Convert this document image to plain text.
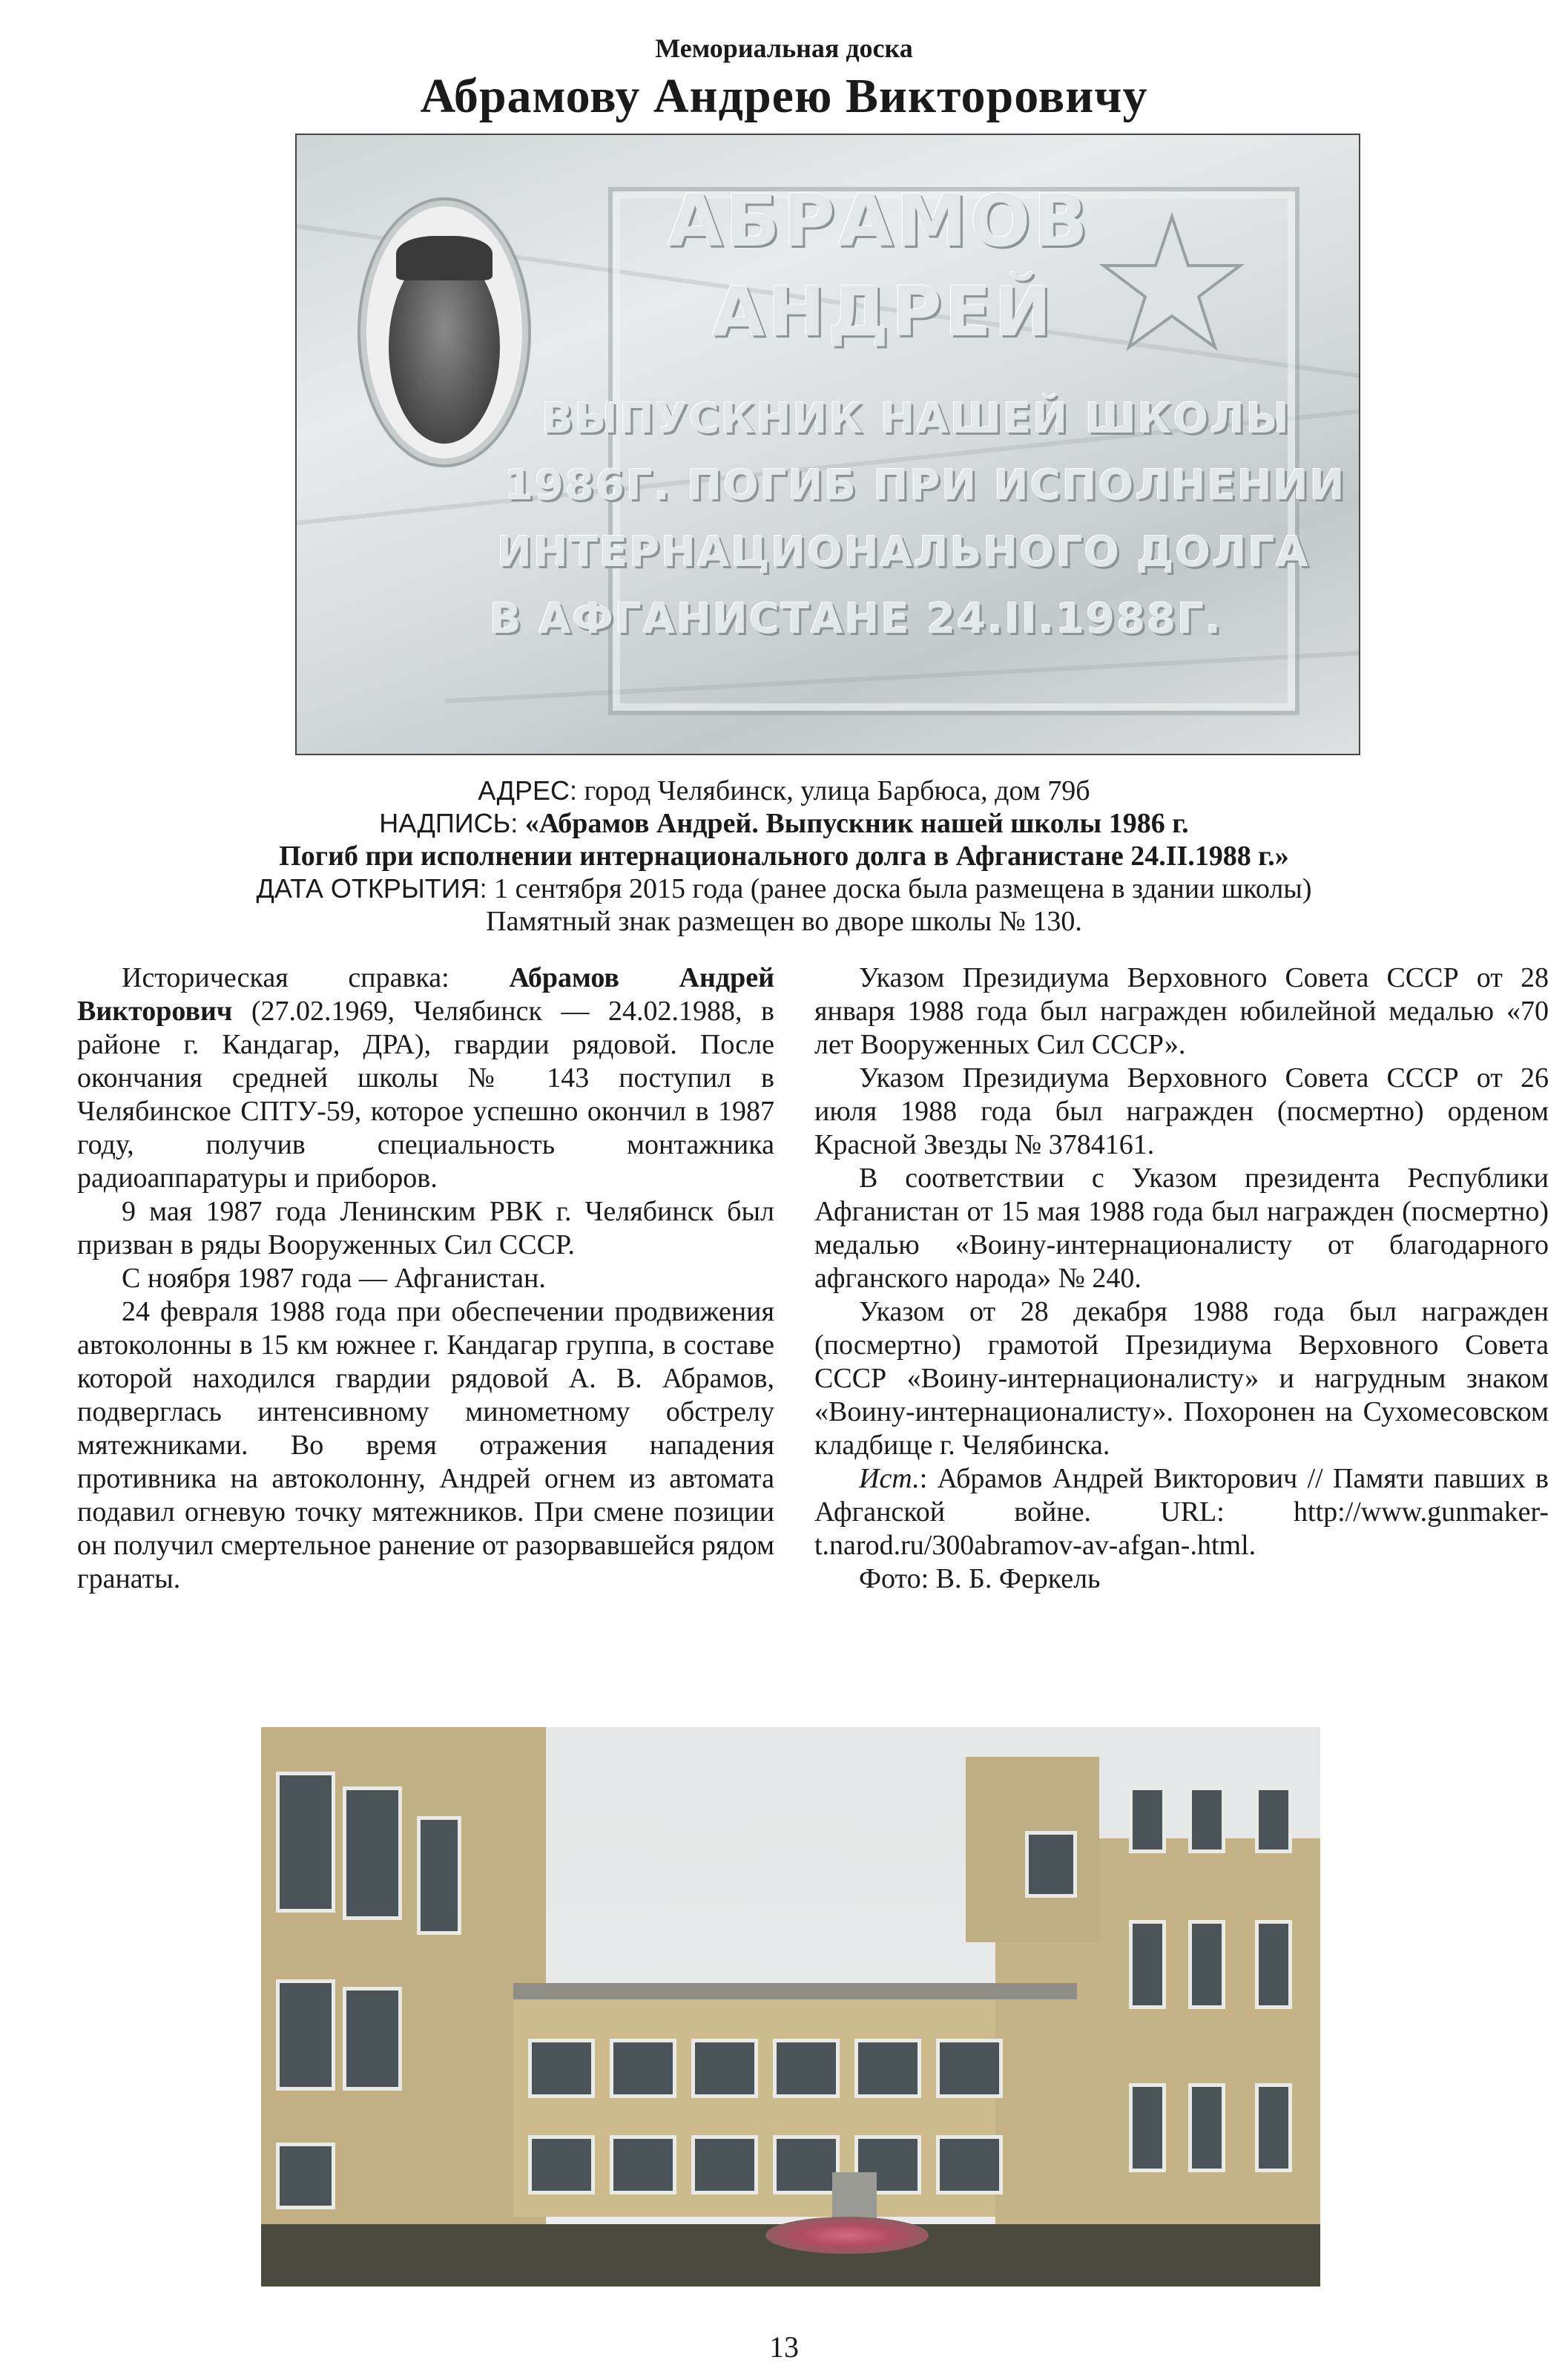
Мемориальная доска
Абрамову Андрею Викторовичу
АБРАМОВ
АНДРЕЙ
ВЫПУСКНИК НАШЕЙ ШКОЛЫ
1986Г. ПОГИБ ПРИ ИСПОЛНЕНИИ
ИНТЕРНАЦИОНАЛЬНОГО ДОЛГА
В АФГАНИСТАНЕ 24.II.1988Г.
АДРЕС: город Челябинск, улица Барбюса, дом 79б
НАДПИСЬ: «Абрамов Андрей. Выпускник нашей школы 1986 г.
Погиб при исполнении интернационального долга в Афганистане 24.II.1988 г.»
ДАТА ОТКРЫТИЯ: 1 сентября 2015 года (ранее доска была размещена в здании школы)
Памятный знак размещен во дворе школы № 130.

Историческая справка: Абрамов Андрей Викторович (27.02.1969, Челябинск — 24.02.1988, в районе г. Кандагар, ДРА), гвардии рядовой. После окончания средней школы № 143 поступил в Челябинское СПТУ-59, которое успешно окончил в 1987 году, получив специальность монтажника радиоаппаратуры и приборов.

9 мая 1987 года Ленинским РВК г. Челябинск был призван в ряды Вооруженных Сил СССР.

С ноября 1987 года — Афганистан.

24 февраля 1988 года при обеспечении продвижения автоколонны в 15 км южнее г. Кандагар группа, в составе которой находился гвардии рядовой А. В. Абрамов, подверглась интенсивному минометному обстрелу мятежниками. Во время отражения нападения противника на автоколонну, Андрей огнем из автомата подавил огневую точку мятежников. При смене позиции он получил смертельное ранение от разорвавшейся рядом гранаты.

Указом Президиума Верховного Совета СССР от 28 января 1988 года был награжден юбилейной медалью «70 лет Вооруженных Сил СССР».

Указом Президиума Верховного Совета СССР от 26 июля 1988 года был награжден (посмертно) орденом Красной Звезды № 3784161.

В соответствии с Указом президента Республики Афганистан от 15 мая 1988 года был награжден (посмертно) медалью «Воину-интернационалисту от благодарного афганского народа» № 240.

Указом от 28 декабря 1988 года был награжден (посмертно) грамотой Президиума Верховного Совета СССР «Воину-интернационалисту» и нагрудным знаком «Воину-интернационалисту». Похоронен на Сухомесовском кладбище г. Челябинска.

Ист.: Абрамов Андрей Викторович // Памяти павших в Афганской войне. URL: http://www.gunmaker-t.narod.ru/300abramov-av-afgan-.html.

Фото: В. Б. Феркель

13
